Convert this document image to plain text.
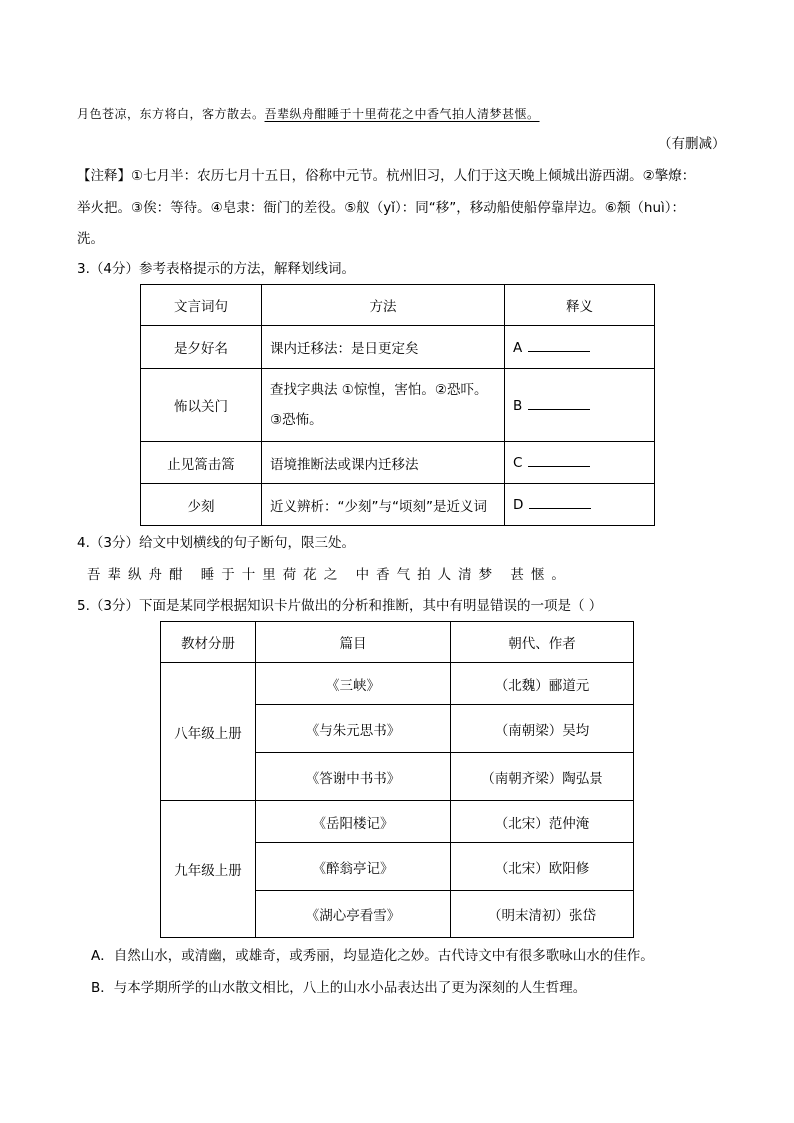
月色苍凉，东方将白，客方散去。吾辈纵舟酣睡于十里荷花之中香气拍人清梦甚惬。
（有删减）
【注释】①七月半：农历七月十五日，俗称中元节。杭州旧习，人们于这天晚上倾城出游西湖。②擎燎：
举火把。③俟：等待。④皂隶：衙门的差役。⑤舣（yǐ）：同“移”，移动船使船停靠岸边。⑥颒（huì）：
洗。
3.（4分）参考表格提示的方法，解释划线词。
文言词句	方法	释义
是夕好名	课内迁移法：是日更定矣	A
怖以关门	查找字典法 ①惊惶，害怕。②恐吓。
③恐怖。	B
止见篙击篙	语境推断法或课内迁移法	C
少刻	近义辨析：“少刻”与“顷刻”是近义词	D
4.（3分）给文中划横线的句子断句，限三处。
吾辈纵舟酣 睡于十里荷花之 中香气拍人清梦 甚惬。
5.（3分）下面是某同学根据知识卡片做出的分析和推断，其中有明显错误的一项是（ ）
教材分册	篇目	朝代、作者
八年级上册	《三峡》	（北魏）郦道元
	《与朱元思书》	（南朝梁）吴均
	《答谢中书书》	（南朝齐梁）陶弘景
九年级上册	《岳阳楼记》	（北宋）范仲淹
	《醉翁亭记》	（北宋）欧阳修
	《湖心亭看雪》	（明末清初）张岱
A．自然山水，或清幽，或雄奇，或秀丽，均显造化之妙。古代诗文中有很多歌咏山水的佳作。
B．与本学期所学的山水散文相比，八上的山水小品表达出了更为深刻的人生哲理。
